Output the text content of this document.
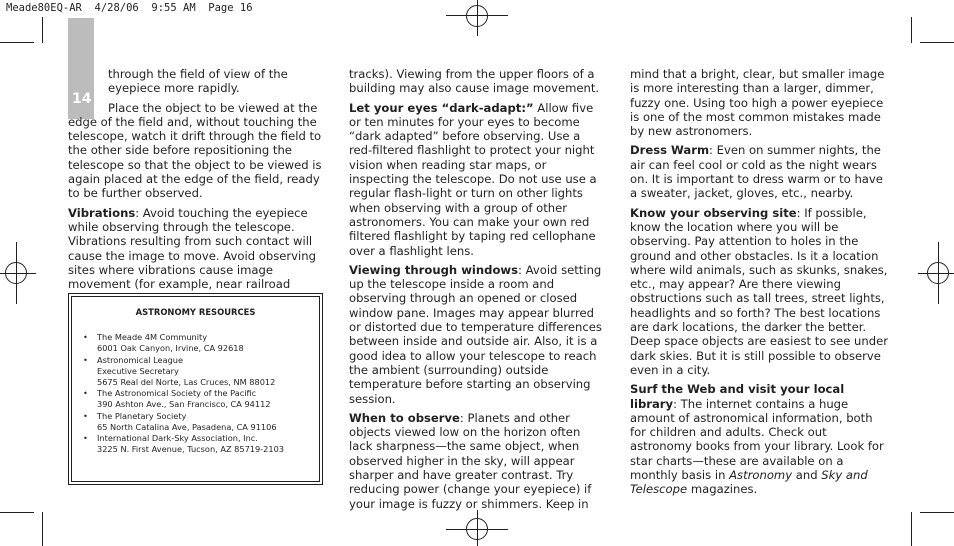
Meade80EQ-AR  4/28/06  9:55 AM  Page 16
14

through the field of view of the eyepiece more rapidly.

Place the object to be viewed at the edge of the field and, without touching the telescope, watch it drift through the field to the other side before repositioning the telescope so that the object to be viewed is again placed at the edge of the field, ready to be further observed.

Vibrations: Avoid touching the eyepiece while observing through the telescope. Vibrations resulting from such contact will cause the image to move. Avoid observing sites where vibrations cause image movement (for example, near railroad

ASTRONOMY RESOURCES
• The Meade 4M Community
6001 Oak Canyon, Irvine, CA 92618
• Astronomical League
Executive Secretary
5675 Real del Norte, Las Cruces, NM 88012
• The Astronomical Society of the Pacific
390 Ashton Ave., San Francisco, CA 94112
• The Planetary Society
65 North Catalina Ave, Pasadena, CA 91106
• International Dark-Sky Association, Inc.
3225 N. First Avenue, Tucson, AZ 85719-2103

tracks). Viewing from the upper floors of a building may also cause image movement.

Let your eyes “dark-adapt:” Allow five or ten minutes for your eyes to become “dark adapted” before observing. Use a red-filtered flashlight to protect your night vision when reading star maps, or inspecting the telescope. Do not use use a regular flash-light or turn on other lights when observing with a group of other astronomers. You can make your own red filtered flashlight by taping red cellophane over a flashlight lens.

Viewing through windows: Avoid setting up the telescope inside a room and observing through an opened or closed window pane. Images may appear blurred or distorted due to temperature differences between inside and outside air. Also, it is a good idea to allow your telescope to reach the ambient (surrounding) outside temperature before starting an observing session.

When to observe: Planets and other objects viewed low on the horizon often lack sharpness—the same object, when observed higher in the sky, will appear sharper and have greater contrast. Try reducing power (change your eyepiece) if your image is fuzzy or shimmers. Keep in

mind that a bright, clear, but smaller image is more interesting than a larger, dimmer, fuzzy one. Using too high a power eyepiece is one of the most common mistakes made by new astronomers.

Dress Warm: Even on summer nights, the air can feel cool or cold as the night wears on. It is important to dress warm or to have a sweater, jacket, gloves, etc., nearby.

Know your observing site: If possible, know the location where you will be observing. Pay attention to holes in the ground and other obstacles. Is it a location where wild animals, such as skunks, snakes, etc., may appear? Are there viewing obstructions such as tall trees, street lights, headlights and so forth? The best locations are dark locations, the darker the better. Deep space objects are easiest to see under dark skies. But it is still possible to observe even in a city.

Surf the Web and visit your local library: The internet contains a huge amount of astronomical information, both for children and adults. Check out astronomy books from your library. Look for star charts—these are available on a monthly basis in Astronomy and Sky and Telescope magazines.
